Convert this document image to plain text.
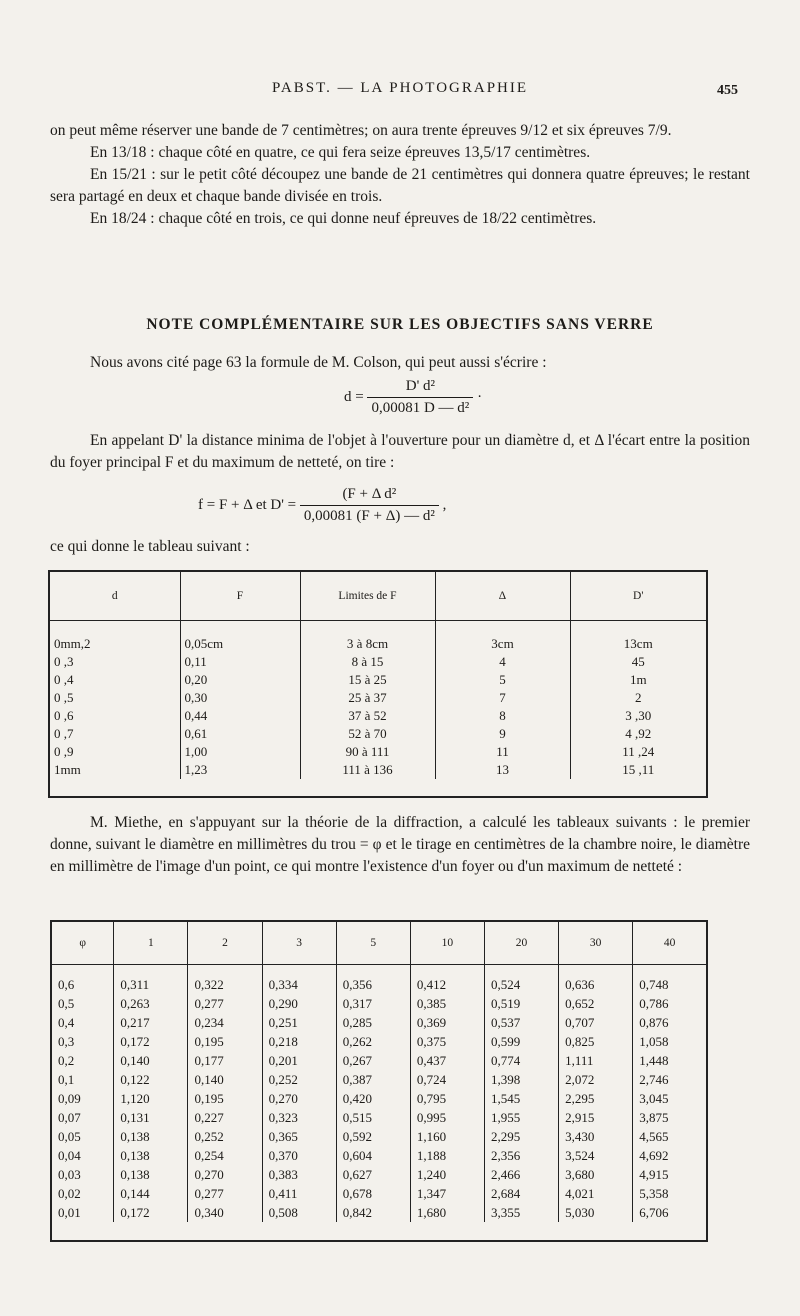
PABST. — LA PHOTOGRAPHIE	455

on peut même réserver une bande de 7 centimètres; on aura trente épreuves 9/12 et six épreuves 7/9.

En 13/18 : chaque côté en quatre, ce qui fera seize épreuves 13,5/17 centimètres.

En 15/21 : sur le petit côté découpez une bande de 21 centimètres qui donnera quatre épreuves; le restant sera partagé en deux et chaque bande divisée en trois.

En 18/24 : chaque côté en trois, ce qui donne neuf épreuves de 18/22 centimètres.

NOTE COMPLÉMENTAIRE SUR LES OBJECTIFS SANS VERRE

Nous avons cité page 63 la formule de M. Colson, qui peut aussi s'écrire :

$d = \frac{\text{D' d²}}{\text{0,00081 D — d²}}$ ·

En appelant D' la distance minima de l'objet à l'ouverture pour un diamètre d, et Δ l'écart entre la position du foyer principal F et du maximum de netteté, on tire :

f = F + Δ et $D' = \frac{\text{(F + Δ d²}}{\text{0,00081 (F + Δ) — d²}}$ ,

ce qui donne le tableau suivant :

d	F	Limites de F	Δ	D'
0mm,2	0,05cm	3 à 8cm	3cm	13cm
0 ,3	0,11	8 à 15	4	45
0 ,4	0,20	15 à 25	5	1m
0 ,5	0,30	25 à 37	7	2
0 ,6	0,44	37 à 52	8	3 ,30
0 ,7	0,61	52 à 70	9	4 ,92
0 ,9	1,00	90 à 111	11	11 ,24
1mm	1,23	111 à 136	13	15 ,11

M. Miethe, en s'appuyant sur la théorie de la diffraction, a calculé les tableaux suivants : le premier donne, suivant le diamètre en millimètres du trou = φ et le tirage en centimètres de la chambre noire, le diamètre en millimètre de l'image d'un point, ce qui montre l'existence d'un foyer ou d'un maximum de netteté :

φ	1	2	3	5	10	20	30	40
0,6	0,311	0,322	0,334	0,356	0,412	0,524	0,636	0,748
0,5	0,263	0,277	0,290	0,317	0,385	0,519	0,652	0,786
0,4	0,217	0,234	0,251	0,285	0,369	0,537	0,707	0,876
0,3	0,172	0,195	0,218	0,262	0,375	0,599	0,825	1,058
0,2	0,140	0,177	0,201	0,267	0,437	0,774	1,111	1,448
0,1	0,122	0,140	0,252	0,387	0,724	1,398	2,072	2,746
0,09	1,120	0,195	0,270	0,420	0,795	1,545	2,295	3,045
0,07	0,131	0,227	0,323	0,515	0,995	1,955	2,915	3,875
0,05	0,138	0,252	0,365	0,592	1,160	2,295	3,430	4,565
0,04	0,138	0,254	0,370	0,604	1,188	2,356	3,524	4,692
0,03	0,138	0,270	0,383	0,627	1,240	2,466	3,680	4,915
0,02	0,144	0,277	0,411	0,678	1,347	2,684	4,021	5,358
0,01	0,172	0,340	0,508	0,842	1,680	3,355	5,030	6,706
